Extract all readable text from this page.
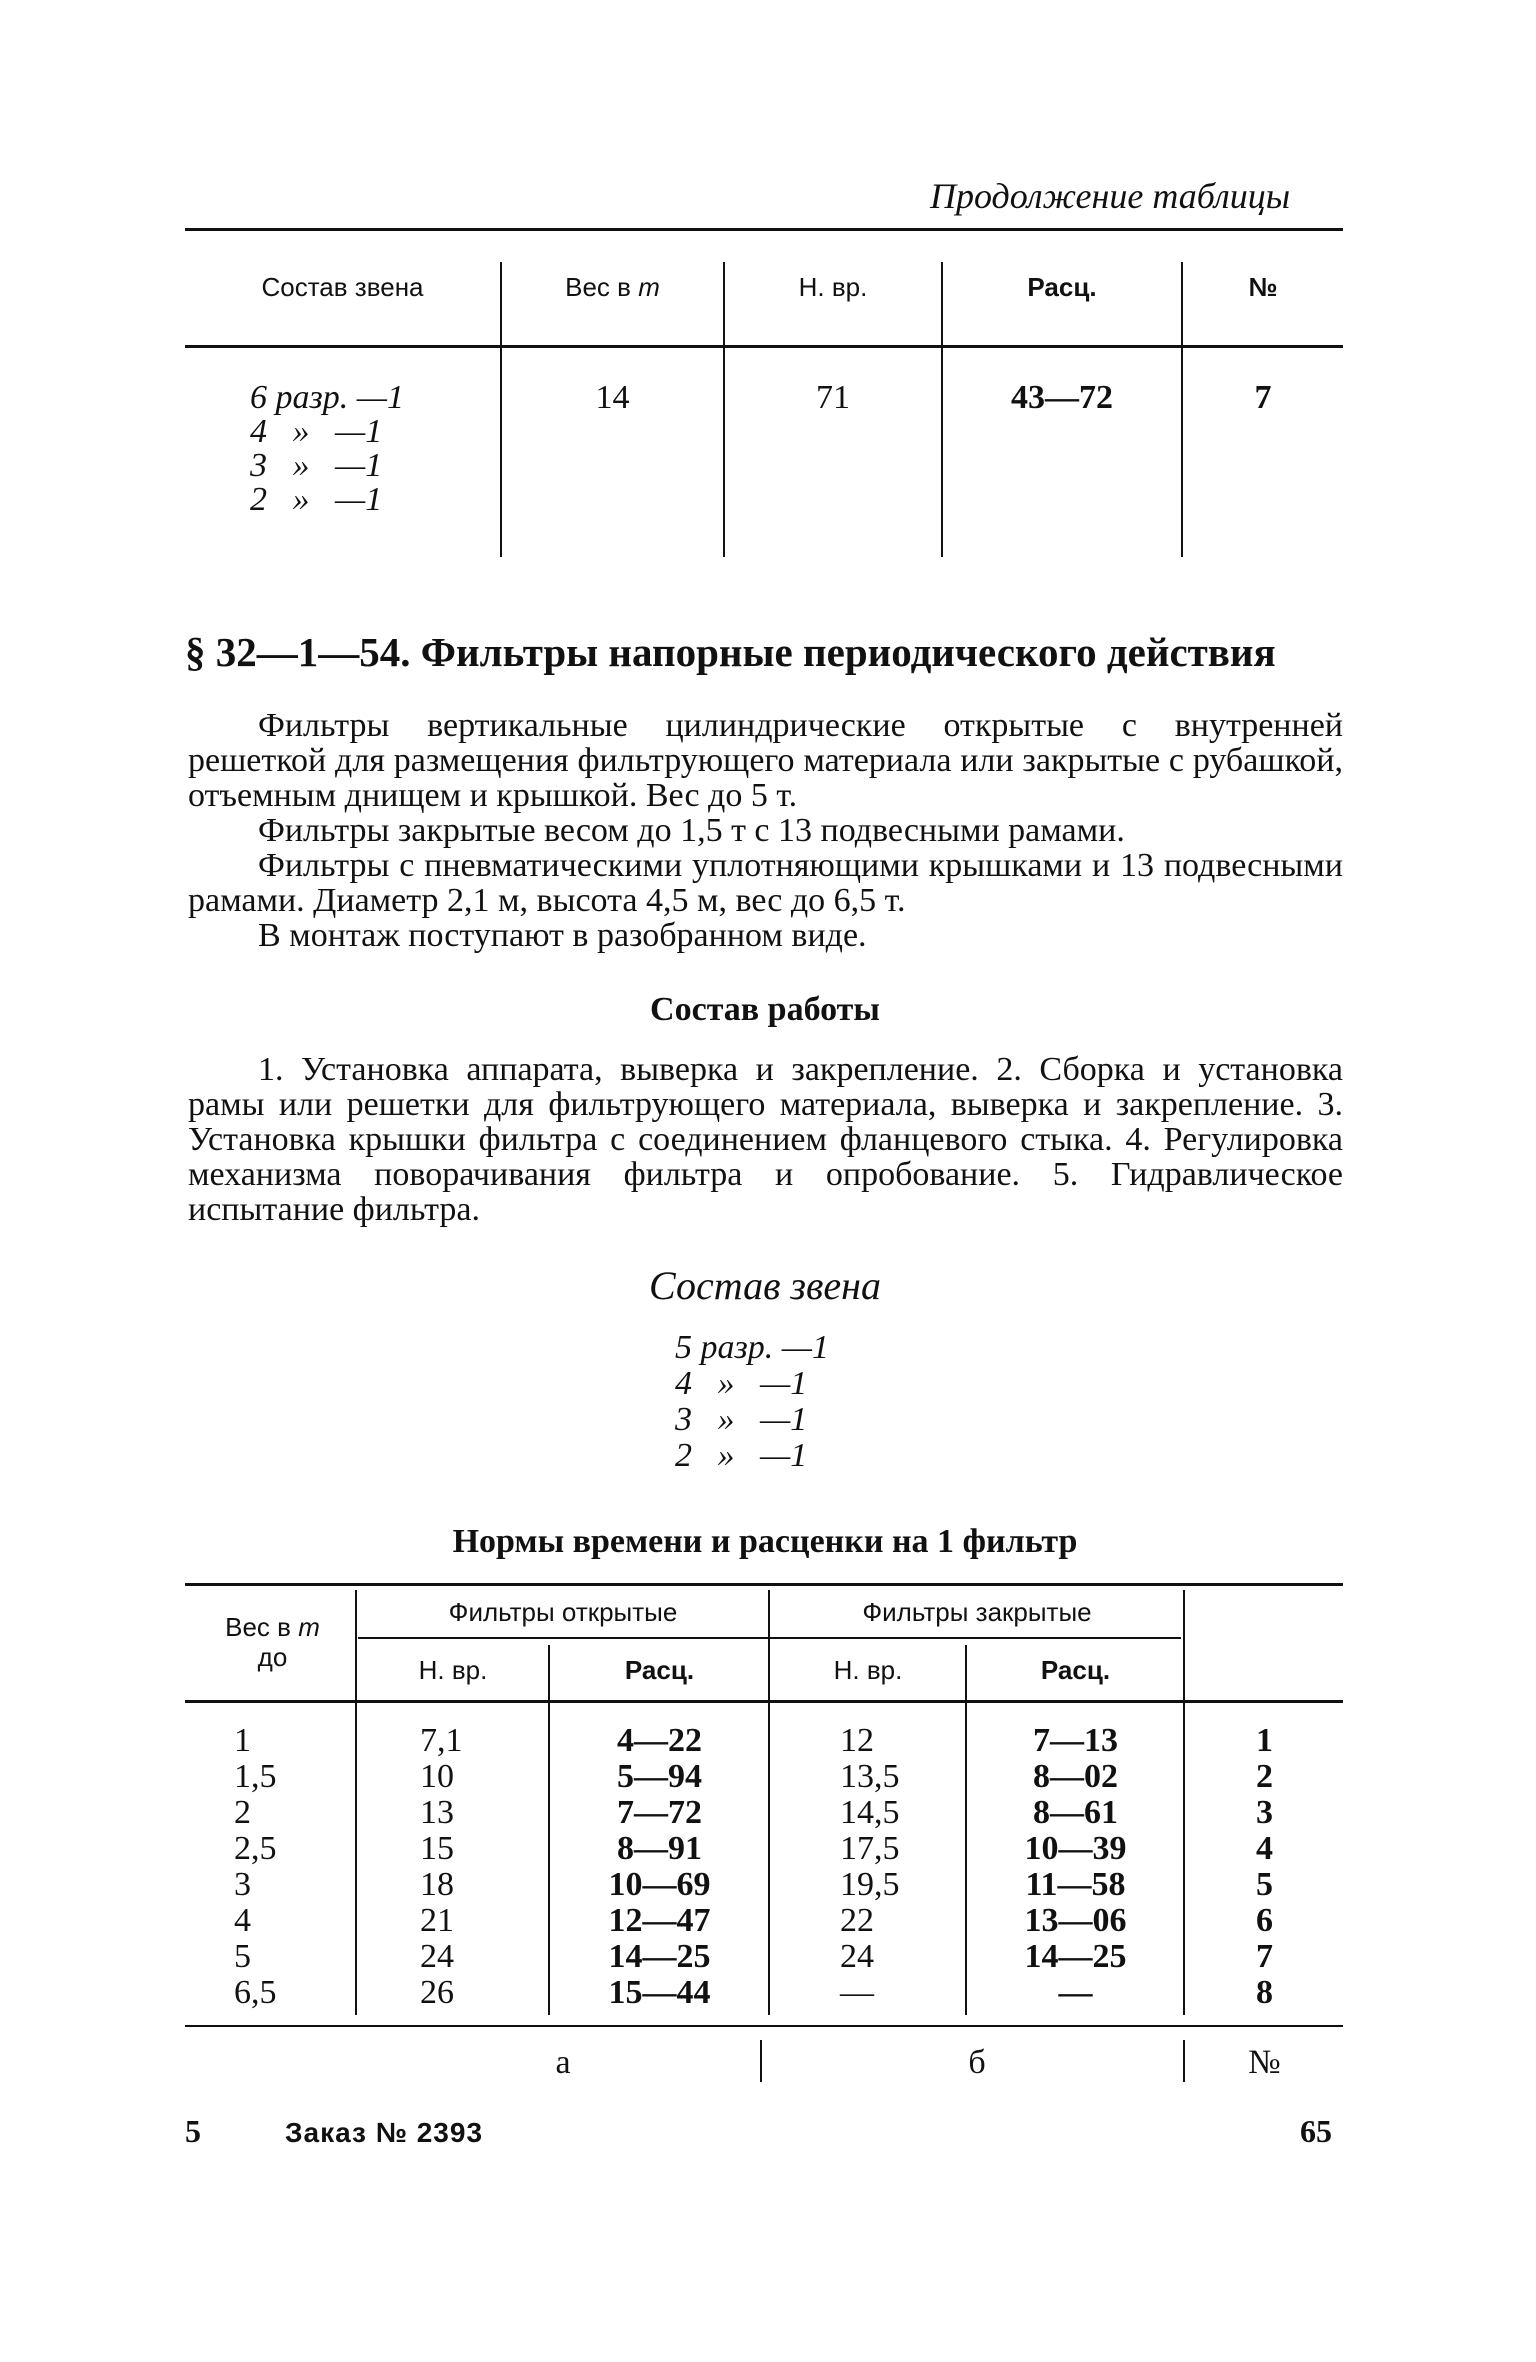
Продолжение таблицы
Состав звена	Вес в т	Н. вр.	Расц.	№
6 разр. —1
4   »   —1
3   »   —1
2   »   —1
14	71	43—72	7
§ 32—1—54. Фильтры напорные периодического действия

Фильтры вертикальные цилиндрические открытые с внутренней решеткой для размещения фильтрующего материала или закрытые с рубашкой, отъемным днищем и крышкой. Вес до 5 т.

Фильтры закрытые весом до 1,5 т с 13 подвесными рамами.

Фильтры с пневматическими уплотняющими крышками и 13 подвесными рамами. Диаметр 2,1 м, высота 4,5 м, вес до 6,5 т.

В монтаж поступают в разобранном виде.

Состав работы

1. Установка аппарата, выверка и закрепление. 2. Сборка и установка рамы или решетки для фильтрующего материала, выверка и закрепление. 3. Установка крышки фильтра с соединением фланцевого стыка. 4. Регулировка механизма поворачивания фильтра и опробование. 5. Гидравлическое испытание фильтра.

Состав звена
5 разр. —1
4   »   —1
3   »   —1
2   »   —1
Нормы времени и расценки на 1 фильтр
Вес в т
до
Фильтры открытые	Фильтры закрытые
Н. вр.	Расц.	Н. вр.	Расц.
1	7,1	4—22	12	7—13	1
1,5	10	5—94	13,5	8—02	2
2	13	7—72	14,5	8—61	3
2,5	15	8—91	17,5	10—39	4
3	18	10—69	19,5	11—58	5
4	21	12—47	22	13—06	6
5	24	14—25	24	14—25	7
6,5	26	15—44	—	—	8
а	б	№
5	Заказ № 2393	65
